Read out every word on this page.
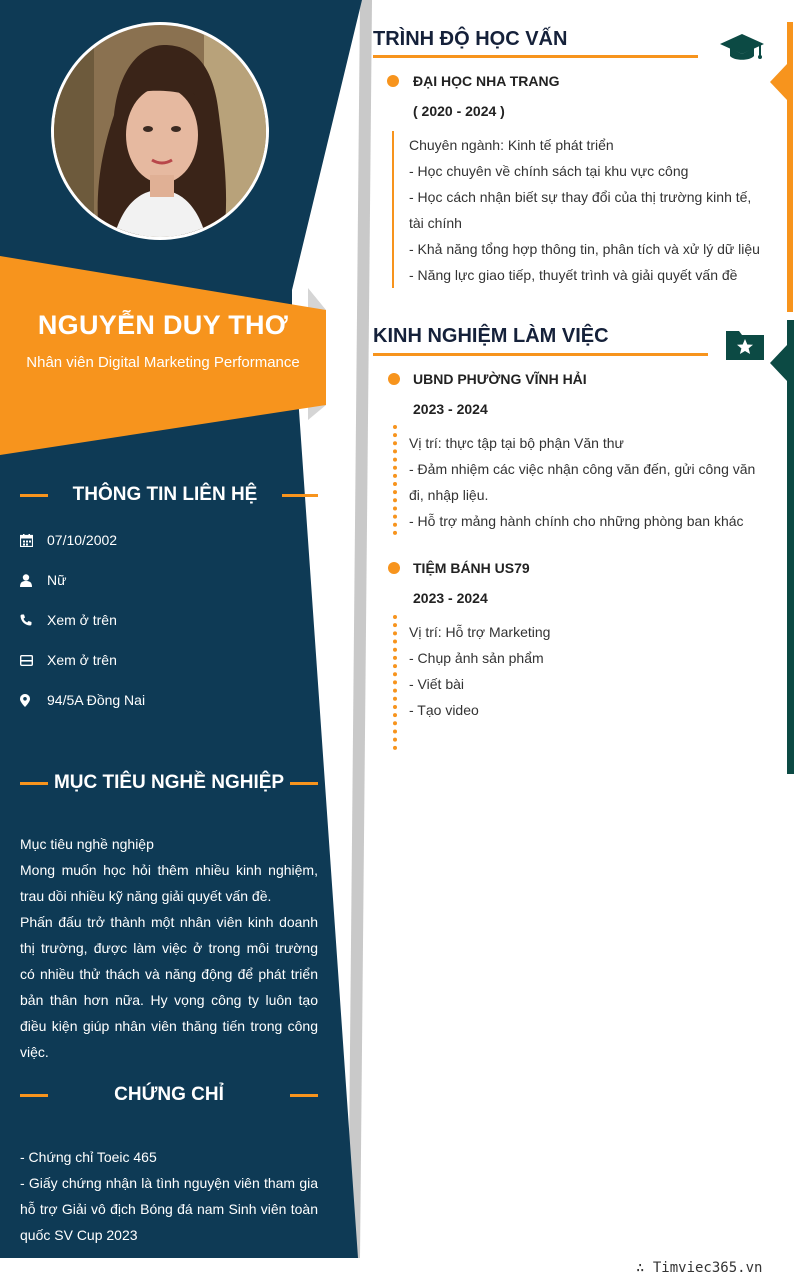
NGUYỄN DUY THƠ
Nhân viên Digital Marketing Performance
THÔNG TIN LIÊN HỆ
07/10/2002
Nữ
Xem ở trên
Xem ở trên
94/5A Đồng Nai
MỤC TIÊU NGHỀ NGHIỆP

Mục tiêu nghề nghiệp

Mong muốn học hỏi thêm nhiều kinh nghiệm, trau dồi nhiều kỹ năng giải quyết vấn đề.

Phấn đấu trở thành một nhân viên kinh doanh thị trường, được làm việc ở trong môi trường có nhiều thử thách và năng động để phát triển bản thân hơn nữa. Hy vọng công ty luôn tạo điều kiện giúp nhân viên thăng tiến trong công việc.

CHỨNG CHỈ

- Chứng chỉ Toeic 465

- Giấy chứng nhận là tình nguyện viên tham gia hỗ trợ Giải vô địch Bóng đá nam Sinh viên toàn quốc SV Cup 2023

TRÌNH ĐỘ HỌC VẤN
ĐẠI HỌC NHA TRANG
( 2020 - 2024 )

Chuyên ngành: Kinh tế phát triển

- Học chuyên về chính sách tại khu vực công

- Học cách nhận biết sự thay đổi của thị trường kinh tế, tài chính

- Khả năng tổng hợp thông tin, phân tích và xử lý dữ liệu

- Năng lực giao tiếp, thuyết trình và giải quyết vấn đề

KINH NGHIỆM LÀM VIỆC
UBND PHƯỜNG VĨNH HẢI
2023 - 2024

Vị trí: thực tập tại bộ phận Văn thư

- Đảm nhiệm các việc nhận công văn đến, gửi công văn đi, nhập liệu.

- Hỗ trợ mảng hành chính cho những phòng ban khác

TIỆM BÁNH US79
2023 - 2024

Vị trí: Hỗ trợ Marketing

- Chụp ảnh sản phẩm

- Viết bài

- Tạo video

∴ Timviec365.vn
